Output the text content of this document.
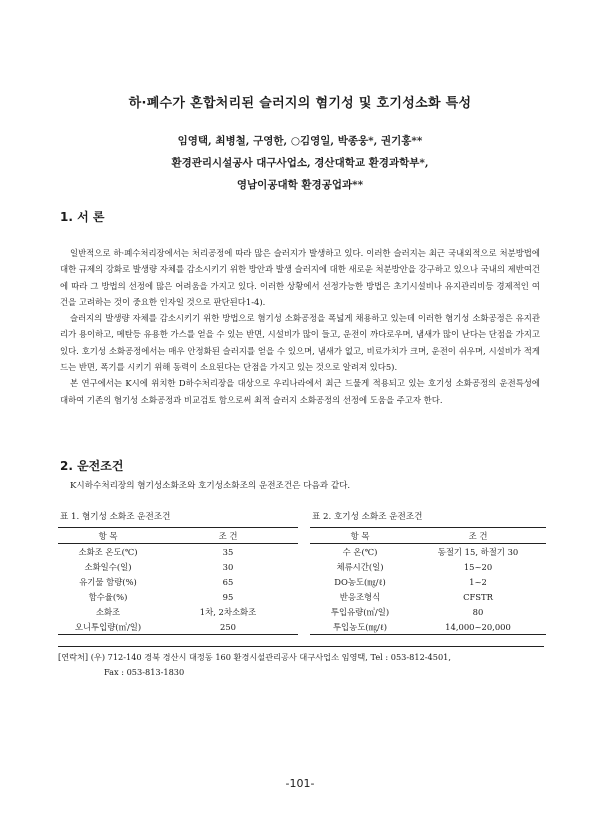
하·폐수가 혼합처리된 슬러지의 혐기성 및 호기성소화 특성
임영택, 최병철, 구영한, ○김영일, 박종웅*, 권기홍**
환경관리시설공사 대구사업소, 경산대학교 환경과학부*,
영남이공대학 환경공업과**
1. 서 론

일반적으로 하·폐수처리장에서는 처리공정에 따라 많은 슬러지가 발생하고 있다. 이러한 슬러지는 최근 국내외적으로 처분방법에 대한 규제의 강화로 발생량 자체를 감소시키기 위한 방안과 발생 슬러지에 대한 새로운 처분방안을 강구하고 있으나 국내의 제반여건에 따라 그 방법의 선정에 많은 어려움을 가지고 있다. 이러한 상황에서 선정가능한 방법은 초기시설비나 유지관리비등 경제적인 여건을 고려하는 것이 중요한 인자일 것으로 판단된다1-4).

슬러지의 발생량 자체를 감소시키기 위한 방법으로 혐기성 소화공정을 폭넓게 채용하고 있는데 이러한 혐기성 소화공정은 유지관리가 용이하고, 메탄등 유용한 가스를 얻을 수 있는 반면, 시설비가 많이 들고, 운전이 까다로우며, 냄새가 많이 난다는 단점을 가지고 있다. 호기성 소화공정에서는 매우 안정화된 슬러지를 얻을 수 있으며, 냄새가 없고, 비료가치가 크며, 운전이 쉬우며, 시설비가 적게 드는 반면, 폭기를 시키기 위해 동력이 소요된다는 단점을 가지고 있는 것으로 알려져 있다5).

본 연구에서는 K시에 위치한 D하수처리장을 대상으로 우리나라에서 최근 드물게 적용되고 있는 호기성 소화공정의 운전특성에 대하여 기존의 혐기성 소화공정과 비교검토 함으로써 최적 슬러지 소화공정의 선정에 도움을 주고자 한다.

2. 운전조건
K시하수처리장의 혐기성소화조와 호기성소화조의 운전조건은 다음과 같다.
표 1. 혐기성 소화조 운전조건
항 목	조 건
소화조 온도(℃)	35
소화일수(일)	30
유기물 함량(%)	65
함수율(%)	95
소화조	1차, 2차소화조
오니투입량(㎥/일)	250
표 2. 호기성 소화조 운전조건
항 목	조 건
수 온(℃)	동절기 15, 하절기 30
체류시간(일)	15~20
DO농도(㎎/ℓ)	1~2
반응조형식	CFSTR
투입유량(㎥/일)	80
투입농도(㎎/ℓ)	14,000~20,000
[연락처] (우) 712-140 경북 경산시 대정동 160 환경시설관리공사 대구사업소 임영택, Tel : 053-812-4501,
Fax : 053-813-1830
-101-
